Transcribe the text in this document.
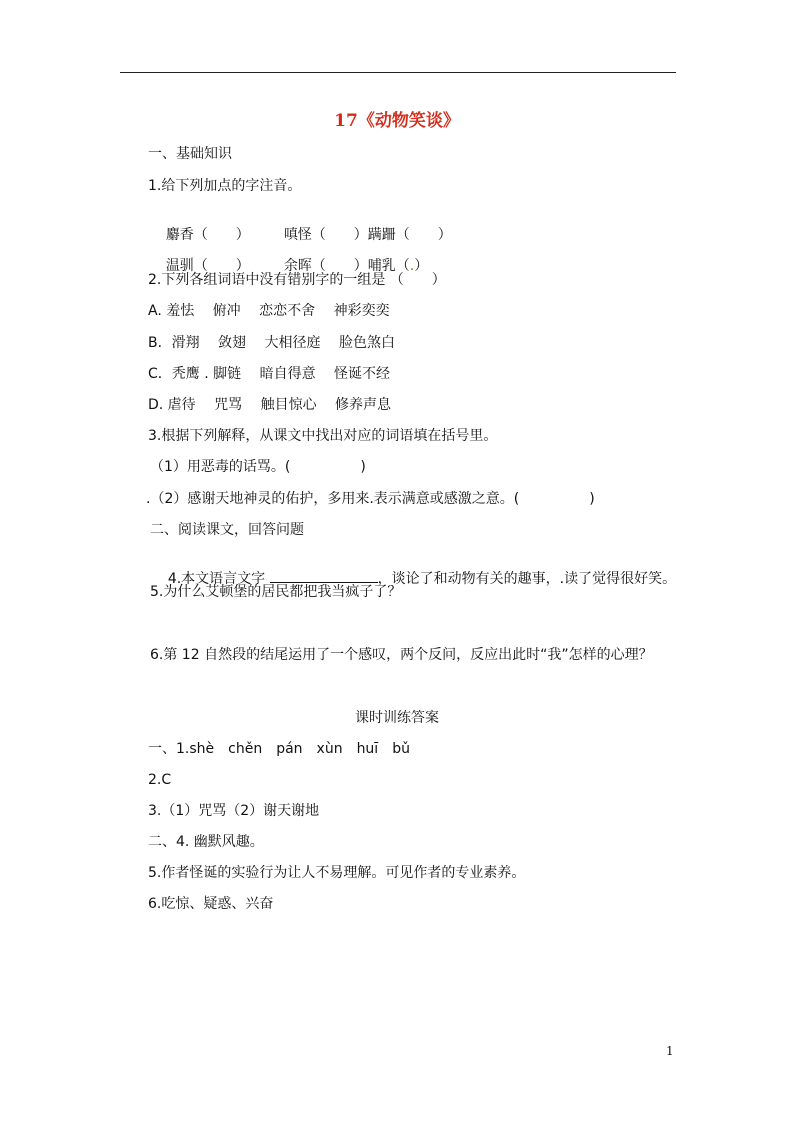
17《动物笑谈》
一、基础知识
1.给下列加点的字注音。

麝香（　　） 嗔怪（　　）蹒跚（　　）

温驯（　　） 余晖（　　）哺乳（.）

2.下列各组词语中没有错别字的一组是 （　　）
A. 羞怯　 俯冲　 恋恋不舍　 神彩奕奕
B．滑翔　 敛翅　 大相径庭　 脸色煞白
C．秃鹰 . 脚链　 暗自得意　 怪诞不经
D. 虐待　 咒骂　 触目惊心　 修养声息
3.根据下列解释，从课文中找出对应的词语填在括号里。
（1）用恶毒的话骂。(　　　　　)
.（2）感谢天地神灵的佑护，多用来.表示满意或感激之意。(　　　　　)
二、阅读课文，回答问题

4.本文语言文字	，谈论了和动物有关的趣事，.读了觉得很好笑。

5.为什么艾顿堡的居民都把我当疯子了？
6.第 12 自然段的结尾运用了一个感叹，两个反问，反应出此时“我”怎样的心理？
课时训练答案
一、1.shè　chěn　pán　xùn　huī　bǔ
2.C
3.（1）咒骂（2）谢天谢地
二、4. 幽默风趣。
5.作者怪诞的实验行为让人不易理解。可见作者的专业素养。
6.吃惊、疑惑、兴奋
1
